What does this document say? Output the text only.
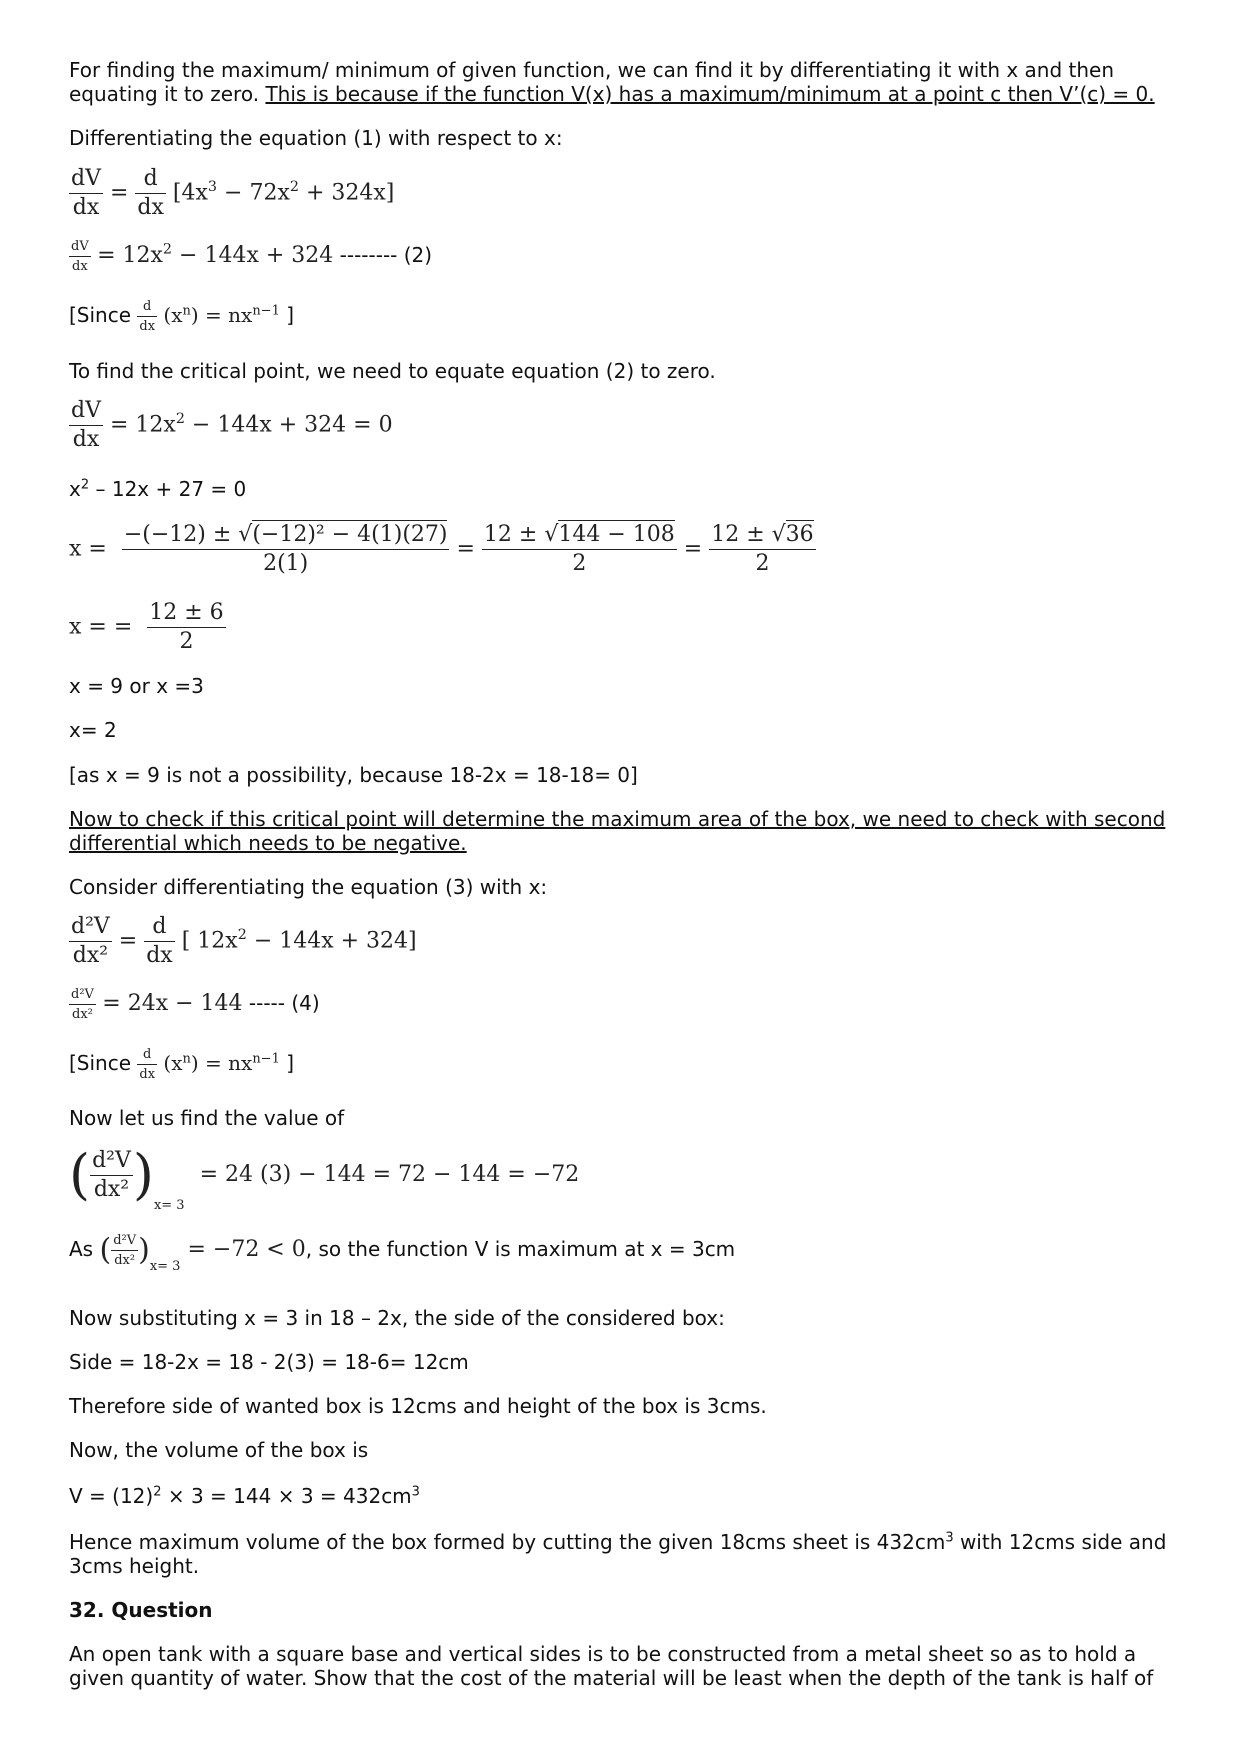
For finding the maximum/ minimum of given function, we can find it by differentiating it with x and then
equating it to zero. This is because if the function V(x) has a maximum/minimum at a point c then V’(c) = 0.
Differentiating the equation (1) with respect to x:
$\frac{dV}{dx} = \frac{d}{dx} [4x^3 - 72x^2 + 324x]$
$\frac{dV}{dx} = 12x^2 - 144x + 324$ -------- (2)
[Since $\frac{d}{dx} (x^n) = nx^{n-1}$ ]
To find the critical point, we need to equate equation (2) to zero.
$\frac{dV}{dx} = 12x^2 - 144x + 324 = 0$
$x^2 - 12x + 27 = 0$
$x = \frac{\text{−(−12) ± √(−12)² − 4(1)(27)}}{2(1)} = \frac{12 \pm √144 - 108}{2} = \frac{12 \pm √36}{2}$
x = = $\frac{12 \pm 6}{2}$
x = 9 or x =3
x= 2
[as x = 9 is not a possibility, because 18-2x = 18-18= 0]
Now to check if this critical point will determine the maximum area of the box, we need to check with second differential which needs to be negative.
Consider differentiating the equation (3) with x:
$\frac{\text{d²V}}{\text{dx²}} = \frac{d}{dx}$ [ $12x^2 - 144x + 324$]
$\frac{\text{d²V}}{\text{dx²}} = 24x - 144$ ----- (4)
[Since $\frac{d}{dx} (x^n) = nx^{n-1}$ ]
Now let us find the value of
( $\frac{\text{d²V}}{\text{dx²}} )_{x= 3} = 24$ (3) − 144 = 72 − 144 = −72
As ( $\frac{\text{d²V}}{\text{dx²}} )_{x= 3} = -72 < 0$, so the function V is maximum at x = 3cm
Now substituting x = 3 in 18 – 2x, the side of the considered box:
Side = 18-2x = 18 - 2(3) = 18-6= 12cm
Therefore side of wanted box is 12cms and height of the box is 3cms.
Now, the volume of the box is
$V = (12)^2 \times 3 = 144 \times 3 = 432cm^3$
Hence maximum volume of the box formed by cutting the given 18cms sheet is $432cm^3$ with 12cms side and 3cms height.
32. Question
An open tank with a square base and vertical sides is to be constructed from a metal sheet so as to hold a given quantity of water. Show that the cost of the material will be least when the depth of the tank is half of
